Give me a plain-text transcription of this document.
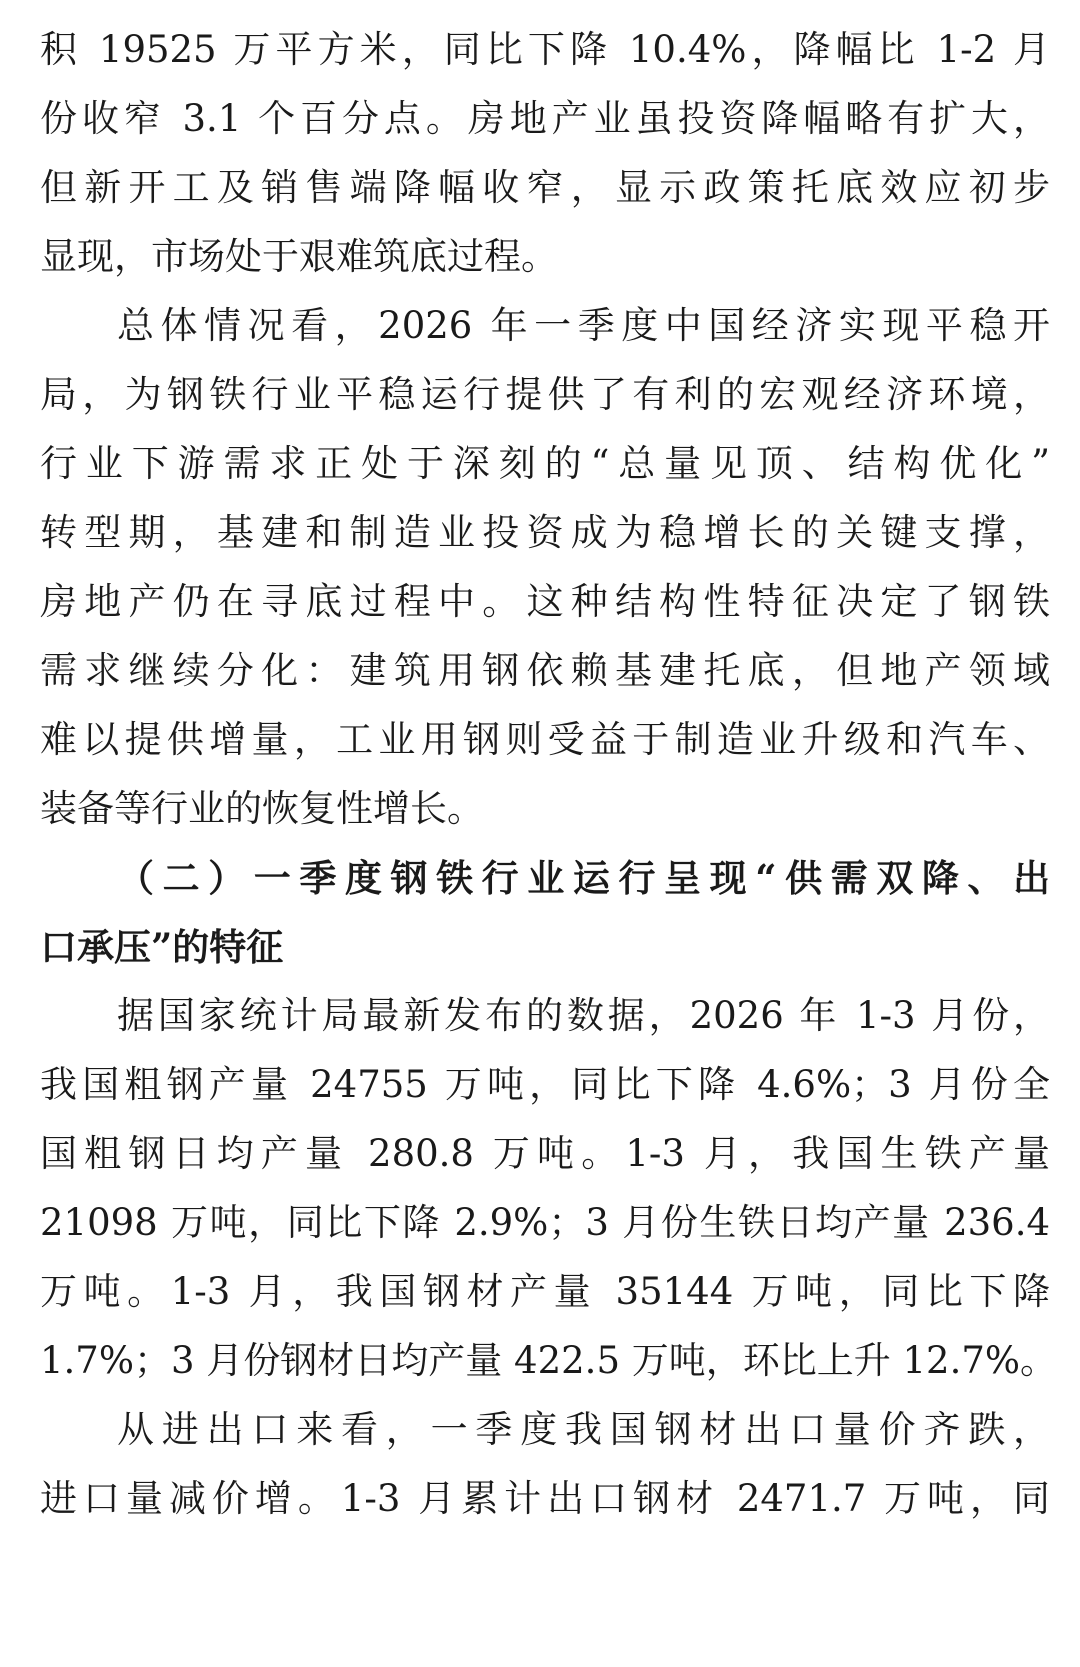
积 19525 万平方米，同比下降 10.4%，降幅比 1-2 月
份收窄 3.1 个百分点。房地产业虽投资降幅略有扩大，
但新开工及销售端降幅收窄，显示政策托底效应初步
显现，市场处于艰难筑底过程。
总体情况看，2026 年一季度中国经济实现平稳开
局，为钢铁行业平稳运行提供了有利的宏观经济环境，
行业下游需求正处于深刻的“总量见顶、结构优化”
转型期，基建和制造业投资成为稳增长的关键支撑，
房地产仍在寻底过程中。这种结构性特征决定了钢铁
需求继续分化：建筑用钢依赖基建托底，但地产领域
难以提供增量，工业用钢则受益于制造业升级和汽车、
装备等行业的恢复性增长。
（二）一季度钢铁行业运行呈现“供需双降、出
口承压”的特征
据国家统计局最新发布的数据，2026 年 1-3 月份，
我国粗钢产量 24755 万吨，同比下降 4.6%；3 月份全
国粗钢日均产量 280.8 万吨。1-3 月，我国生铁产量
21098 万吨，同比下降 2.9%；3 月份生铁日均产量 236.4
万吨。1-3 月，我国钢材产量 35144 万吨，同比下降
1.7%；3 月份钢材日均产量 422.5 万吨，环比上升 12.7%。
从进出口来看，一季度我国钢材出口量价齐跌，
进口量减价增。1-3 月累计出口钢材 2471.7 万吨，同
